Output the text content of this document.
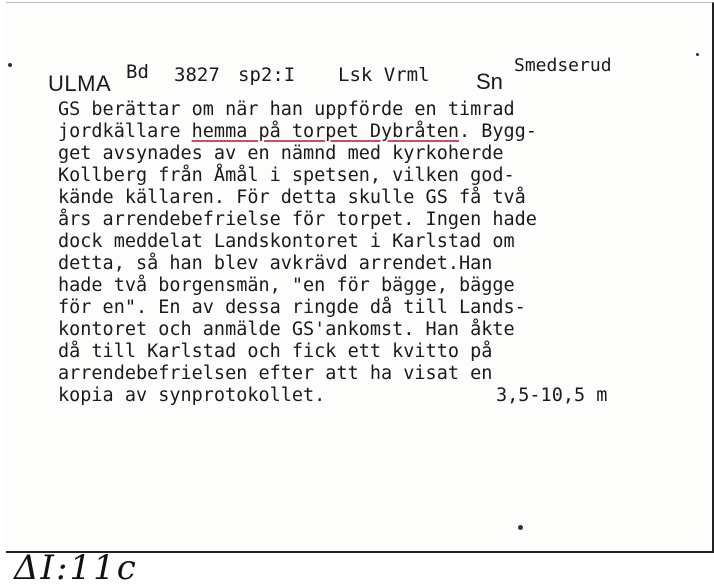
ULMA Bd 3827 sp2:I Lsk Vrml Sn
Smedserud
GS berättar om när han uppförde en timrad
jordkällare hemma på torpet Dybråten. Bygg-
get avsynades av en nämnd med kyrkoherde
Kollberg från Åmål i spetsen, vilken god-
kände källaren. För detta skulle GS få två
års arrendebefrielse för torpet. Ingen hade
dock meddelat Landskontoret i Karlstad om
detta, så han blev avkrävd arrendet.Han
hade två borgensmän, "en för bägge, bägge
för en". En av dessa ringde då till Lands-
kontoret och anmälde GS'ankomst. Han åkte
då till Karlstad och fick ett kvitto på
arrendebefrielsen efter att ha visat en
kopia av synprotokollet.	3,5-10,5 m
ΔI:11c
